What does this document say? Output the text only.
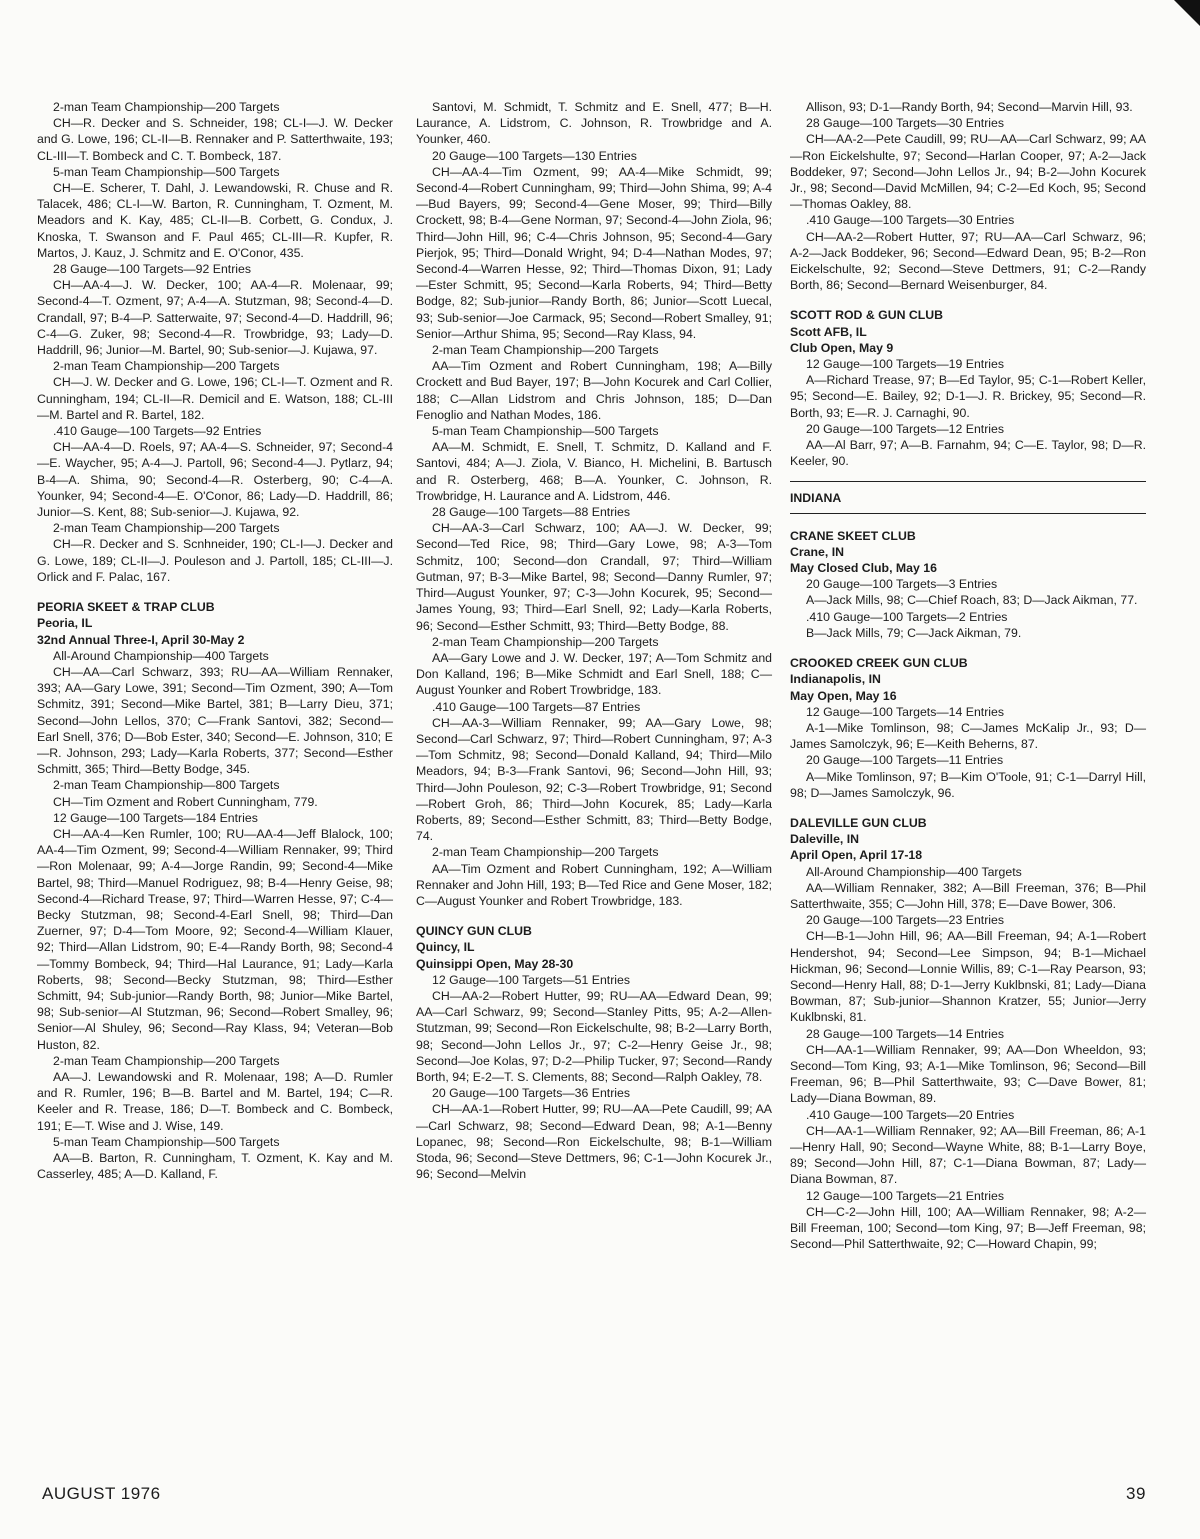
2-man Team Championship—200 Targets

CH—R. Decker and S. Schneider, 198; CL-I—J. W. Decker and G. Lowe, 196; CL-II—B. Rennaker and P. Satterthwaite, 193; CL-III—T. Bombeck and C. T. Bombeck, 187.

5-man Team Championship—500 Targets

CH—E. Scherer, T. Dahl, J. Lewandowski, R. Chuse and R. Talacek, 486; CL-I—W. Barton, R. Cunningham, T. Ozment, M. Meadors and K. Kay, 485; CL-II—B. Corbett, G. Condux, J. Knoska, T. Swanson and F. Paul 465; CL-III—R. Kupfer, R. Martos, J. Kauz, J. Schmitz and E. O'Conor, 435.

28 Gauge—100 Targets—92 Entries

CH—AA-4—J. W. Decker, 100; AA-4—R. Molenaar, 99; Second-4—T. Ozment, 97; A-4—A. Stutzman, 98; Second-4—D. Crandall, 97; B-4—P. Satterwaite, 97; Second-4—D. Haddrill, 96; C-4—G. Zuker, 98; Second-4—R. Trowbridge, 93; Lady—D. Haddrill, 96; Junior—M. Bartel, 90; Sub-senior—J. Kujawa, 97.

2-man Team Championship—200 Targets

CH—J. W. Decker and G. Lowe, 196; CL-I—T. Ozment and R. Cunningham, 194; CL-II—R. Demicil and E. Watson, 188; CL-III—M. Bartel and R. Bartel, 182.

.410 Gauge—100 Targets—92 Entries

CH—AA-4—D. Roels, 97; AA-4—S. Schneider, 97; Second-4—E. Waycher, 95; A-4—J. Partoll, 96; Second-4—J. Pytlarz, 94; B-4—A. Shima, 90; Second-4—R. Osterberg, 90; C-4—A. Younker, 94; Second-4—E. O'Conor, 86; Lady—D. Haddrill, 86; Junior—S. Kent, 88; Sub-senior—J. Kujawa, 92.

2-man Team Championship—200 Targets

CH—R. Decker and S. Scnhneider, 190; CL-I—J. Decker and G. Lowe, 189; CL-II—J. Pouleson and J. Partoll, 185; CL-III—J. Orlick and F. Palac, 167.

PEORIA SKEET & TRAP CLUB
Peoria, IL
32nd Annual Three-I, April 30-May 2

All-Around Championship—400 Targets

CH—AA—Carl Schwarz, 393; RU—AA—William Rennaker, 393; AA—Gary Lowe, 391; Second—Tim Ozment, 390; A—Tom Schmitz, 391; Second—Mike Bartel, 381; B—Larry Dieu, 371; Second—John Lellos, 370; C—Frank Santovi, 382; Second—Earl Snell, 376; D—Bob Ester, 340; Second—E. Johnson, 310; E—R. Johnson, 293; Lady—Karla Roberts, 377; Second—Esther Schmitt, 365; Third—Betty Bodge, 345.

2-man Team Championship—800 Targets

CH—Tim Ozment and Robert Cunningham, 779.

12 Gauge—100 Targets—184 Entries

CH—AA-4—Ken Rumler, 100; RU—AA-4—Jeff Blalock, 100; AA-4—Tim Ozment, 99; Second-4—William Rennaker, 99; Third—Ron Molenaar, 99; A-4—Jorge Randin, 99; Second-4—Mike Bartel, 98; Third—Manuel Rodriguez, 98; B-4—Henry Geise, 98; Second-4—Richard Trease, 97; Third—Warren Hesse, 97; C-4—Becky Stutzman, 98; Second-4-Earl Snell, 98; Third—Dan Zuerner, 97; D-4—Tom Moore, 92; Second-4—William Klauer, 92; Third—Allan Lidstrom, 90; E-4—Randy Borth, 98; Second-4—Tommy Bombeck, 94; Third—Hal Laurance, 91; Lady—Karla Roberts, 98; Second—Becky Stutzman, 98; Third—Esther Schmitt, 94; Sub-junior—Randy Borth, 98; Junior—Mike Bartel, 98; Sub-senior—Al Stutzman, 96; Second—Robert Smalley, 96; Senior—Al Shuley, 96; Second—Ray Klass, 94; Veteran—Bob Huston, 82.

2-man Team Championship—200 Targets

AA—J. Lewandowski and R. Molenaar, 198; A—D. Rumler and R. Rumler, 196; B—B. Bartel and M. Bartel, 194; C—R. Keeler and R. Trease, 186; D—T. Bombeck and C. Bombeck, 191; E—T. Wise and J. Wise, 149.

5-man Team Championship—500 Targets

AA—B. Barton, R. Cunningham, T. Ozment, K. Kay and M. Casserley, 485; A—D. Kalland, F.

Santovi, M. Schmidt, T. Schmitz and E. Snell, 477; B—H. Laurance, A. Lidstrom, C. Johnson, R. Trowbridge and A. Younker, 460.

20 Gauge—100 Targets—130 Entries

CH—AA-4—Tim Ozment, 99; AA-4—Mike Schmidt, 99; Second-4—Robert Cunningham, 99; Third—John Shima, 99; A-4—Bud Bayers, 99; Second-4—Gene Moser, 99; Third—Billy Crockett, 98; B-4—Gene Norman, 97; Second-4—John Ziola, 96; Third—John Hill, 96; C-4—Chris Johnson, 95; Second-4—Gary Pierjok, 95; Third—Donald Wright, 94; D-4—Nathan Modes, 97; Second-4—Warren Hesse, 92; Third—Thomas Dixon, 91; Lady—Ester Schmitt, 95; Second—Karla Roberts, 94; Third—Betty Bodge, 82; Sub-junior—Randy Borth, 86; Junior—Scott Luecal, 93; Sub-senior—Joe Carmack, 95; Second—Robert Smalley, 91; Senior—Arthur Shima, 95; Second—Ray Klass, 94.

2-man Team Championship—200 Targets

AA—Tim Ozment and Robert Cunningham, 198; A—Billy Crockett and Bud Bayer, 197; B—John Kocurek and Carl Collier, 188; C—Allan Lidstrom and Chris Johnson, 185; D—Dan Fenoglio and Nathan Modes, 186.

5-man Team Championship—500 Targets

AA—M. Schmidt, E. Snell, T. Schmitz, D. Kalland and F. Santovi, 484; A—J. Ziola, V. Bianco, H. Michelini, B. Bartusch and R. Osterberg, 468; B—A. Younker, C. Johnson, R. Trowbridge, H. Laurance and A. Lidstrom, 446.

28 Gauge—100 Targets—88 Entries

CH—AA-3—Carl Schwarz, 100; AA—J. W. Decker, 99; Second—Ted Rice, 98; Third—Gary Lowe, 98; A-3—Tom Schmitz, 100; Second—don Crandall, 97; Third—William Gutman, 97; B-3—Mike Bartel, 98; Second—Danny Rumler, 97; Third—August Younker, 97; C-3—John Kocurek, 95; Second—James Young, 93; Third—Earl Snell, 92; Lady—Karla Roberts, 96; Second—Esther Schmitt, 93; Third—Betty Bodge, 88.

2-man Team Championship—200 Targets

AA—Gary Lowe and J. W. Decker, 197; A—Tom Schmitz and Don Kalland, 196; B—Mike Schmidt and Earl Snell, 188; C—August Younker and Robert Trowbridge, 183.

.410 Gauge—100 Targets—87 Entries

CH—AA-3—William Rennaker, 99; AA—Gary Lowe, 98; Second—Carl Schwarz, 97; Third—Robert Cunningham, 97; A-3—Tom Schmitz, 98; Second—Donald Kalland, 94; Third—Milo Meadors, 94; B-3—Frank Santovi, 96; Second—John Hill, 93; Third—John Pouleson, 92; C-3—Robert Trowbridge, 91; Second—Robert Groh, 86; Third—John Kocurek, 85; Lady—Karla Roberts, 89; Second—Esther Schmitt, 83; Third—Betty Bodge, 74.

2-man Team Championship—200 Targets

AA—Tim Ozment and Robert Cunningham, 192; A—William Rennaker and John Hill, 193; B—Ted Rice and Gene Moser, 182; C—August Younker and Robert Trowbridge, 183.

QUINCY GUN CLUB
Quincy, IL
Quinsippi Open, May 28-30

12 Gauge—100 Targets—51 Entries

CH—AA-2—Robert Hutter, 99; RU—AA—Edward Dean, 99; AA—Carl Schwarz, 99; Second—Stanley Pitts, 95; A-2—Allen-Stutzman, 99; Second—Ron Eickelschulte, 98; B-2—Larry Borth, 98; Second—John Lellos Jr., 97; C-2—Henry Geise Jr., 98; Second—Joe Kolas, 97; D-2—Philip Tucker, 97; Second—Randy Borth, 94; E-2—T. S. Clements, 88; Second—Ralph Oakley, 78.

20 Gauge—100 Targets—36 Entries

CH—AA-1—Robert Hutter, 99; RU—AA—Pete Caudill, 99; AA—Carl Schwarz, 98; Second—Edward Dean, 98; A-1—Benny Lopanec, 98; Second—Ron Eickelschulte, 98; B-1—William Stoda, 96; Second—Steve Dettmers, 96; C-1—John Kocurek Jr., 96; Second—Melvin

Allison, 93; D-1—Randy Borth, 94; Second—Marvin Hill, 93.

28 Gauge—100 Targets—30 Entries

CH—AA-2—Pete Caudill, 99; RU—AA—Carl Schwarz, 99; AA—Ron Eickelshulte, 97; Second—Harlan Cooper, 97; A-2—Jack Boddeker, 97; Second—John Lellos Jr., 94; B-2—John Kocurek Jr., 98; Second—David McMillen, 94; C-2—Ed Koch, 95; Second—Thomas Oakley, 88.

.410 Gauge—100 Targets—30 Entries

CH—AA-2—Robert Hutter, 97; RU—AA—Carl Schwarz, 96; A-2—Jack Boddeker, 96; Second—Edward Dean, 95; B-2—Ron Eickelschulte, 92; Second—Steve Dettmers, 91; C-2—Randy Borth, 86; Second—Bernard Weisenburger, 84.

SCOTT ROD & GUN CLUB
Scott AFB, IL
Club Open, May 9

12 Gauge—100 Targets—19 Entries

A—Richard Trease, 97; B—Ed Taylor, 95; C-1—Robert Keller, 95; Second—E. Bailey, 92; D-1—J. R. Brickey, 95; Second—R. Borth, 93; E—R. J. Carnaghi, 90.

20 Gauge—100 Targets—12 Entries

AA—Al Barr, 97; A—B. Farnahm, 94; C—E. Taylor, 98; D—R. Keeler, 90.

INDIANA
CRANE SKEET CLUB
Crane, IN
May Closed Club, May 16

20 Gauge—100 Targets—3 Entries

A—Jack Mills, 98; C—Chief Roach, 83; D—Jack Aikman, 77.

.410 Gauge—100 Targets—2 Entries

B—Jack Mills, 79; C—Jack Aikman, 79.

CROOKED CREEK GUN CLUB
Indianapolis, IN
May Open, May 16

12 Gauge—100 Targets—14 Entries

A-1—Mike Tomlinson, 98; C—James McKalip Jr., 93; D—James Samolczyk, 96; E—Keith Beherns, 87.

20 Gauge—100 Targets—11 Entries

A—Mike Tomlinson, 97; B—Kim O'Toole, 91; C-1—Darryl Hill, 98; D—James Samolczyk, 96.

DALEVILLE GUN CLUB
Daleville, IN
April Open, April 17-18

All-Around Championship—400 Targets

AA—William Rennaker, 382; A—Bill Freeman, 376; B—Phil Satterthwaite, 355; C—John Hill, 378; E—Dave Bower, 306.

20 Gauge—100 Targets—23 Entries

CH—B-1—John Hill, 96; AA—Bill Freeman, 94; A-1—Robert Hendershot, 94; Second—Lee Simpson, 94; B-1—Michael Hickman, 96; Second—Lonnie Willis, 89; C-1—Ray Pearson, 93; Second—Henry Hall, 88; D-1—Jerry Kuklbnski, 81; Lady—Diana Bowman, 87; Sub-junior—Shannon Kratzer, 55; Junior—Jerry Kuklbnski, 81.

28 Gauge—100 Targets—14 Entries

CH—AA-1—William Rennaker, 99; AA—Don Wheeldon, 93; Second—Tom King, 93; A-1—Mike Tomlinson, 96; Second—Bill Freeman, 96; B—Phil Satterthwaite, 93; C—Dave Bower, 81; Lady—Diana Bowman, 89.

.410 Gauge—100 Targets—20 Entries

CH—AA-1—William Rennaker, 92; AA—Bill Freeman, 86; A-1—Henry Hall, 90; Second—Wayne White, 88; B-1—Larry Boye, 89; Second—John Hill, 87; C-1—Diana Bowman, 87; Lady—Diana Bowman, 87.

12 Gauge—100 Targets—21 Entries

CH—C-2—John Hill, 100; AA—William Rennaker, 98; A-2—Bill Freeman, 100; Second—tom King, 97; B—Jeff Freeman, 98; Second—Phil Satterthwaite, 92; C—Howard Chapin, 99;

AUGUST 1976	39
